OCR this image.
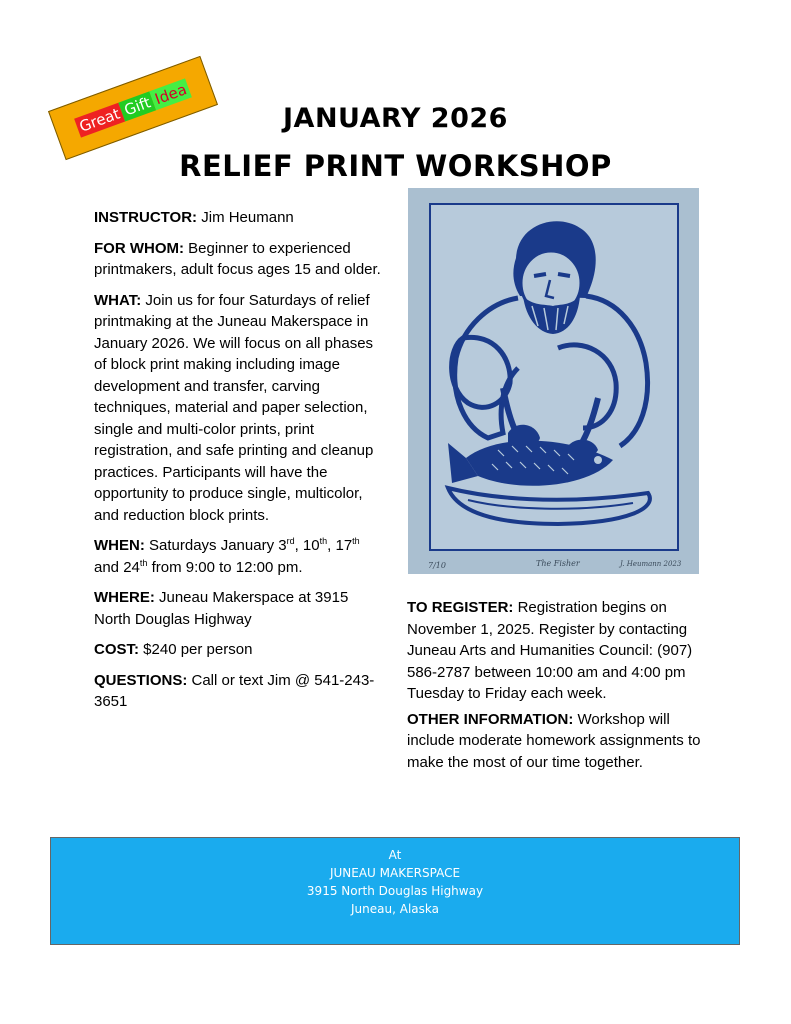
Great Gift Idea
JANUARY 2026
RELIEF PRINT WORKSHOP

INSTRUCTOR: Jim Heumann

FOR WHOM: Beginner to experienced printmakers, adult focus ages 15 and older.

WHAT: Join us for four Saturdays of relief printmaking at the Juneau Makerspace in January 2026. We will focus on all phases of block print making including image development and transfer, carving techniques, material and paper selection, single and multi-color prints, print registration, and safe printing and cleanup practices. Participants will have the opportunity to produce single, multicolor, and reduction block prints.

WHEN: Saturdays January 3rd, 10th, 17th and 24th from 9:00 to 12:00 pm.

WHERE: Juneau Makerspace at 3915 North Douglas Highway

COST: $240 per person

QUESTIONS: Call or text Jim @ 541-243-3651

7/10	The Fisher	J. Heumann 2023

TO REGISTER: Registration begins on November 1, 2025. Register by contacting Juneau Arts and Humanities Council: (907) 586-2787 between 10:00 am and 4:00 pm Tuesday to Friday each week.

OTHER INFORMATION: Workshop will include moderate homework assignments to make the most of our time together.

At
JUNEAU MAKERSPACE
3915 North Douglas Highway
Juneau, Alaska
